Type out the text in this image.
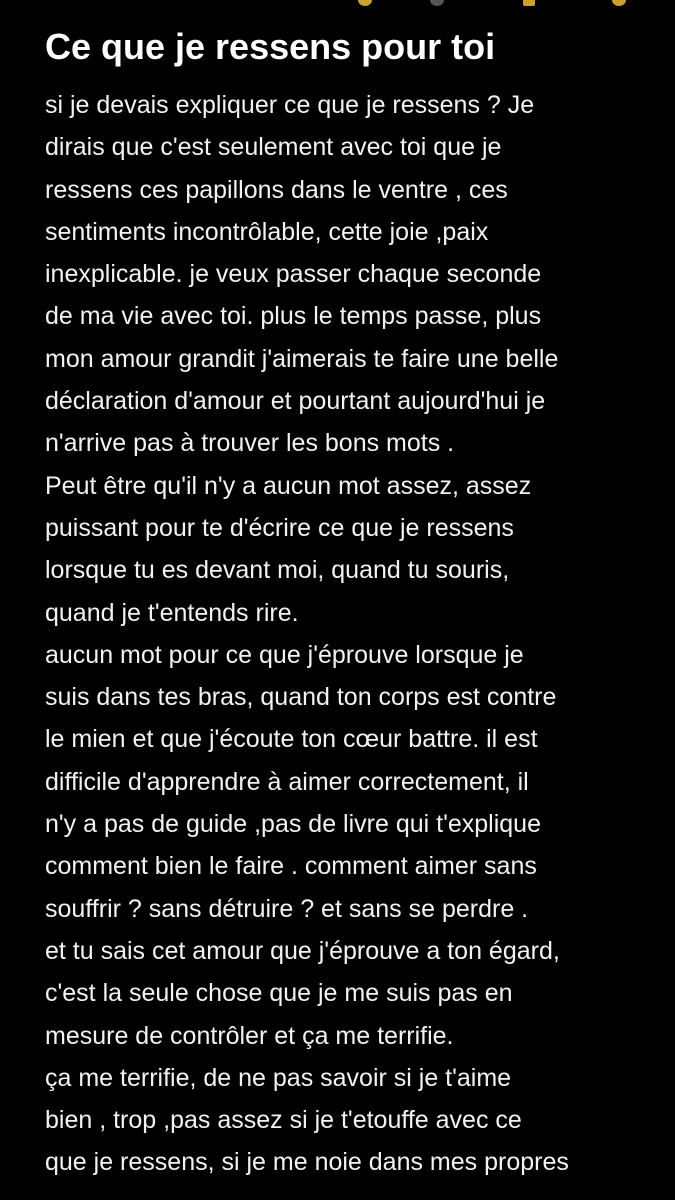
Ce que je ressens pour toi
si je devais expliquer ce que je ressens ? Je
dirais que c'est seulement avec toi que je
ressens ces papillons dans le ventre , ces
sentiments incontrôlable, cette joie ,paix
inexplicable. je veux passer chaque seconde
de ma vie avec toi. plus le temps passe, plus
mon amour grandit j'aimerais te faire une belle
déclaration d'amour et pourtant aujourd'hui je
n'arrive pas à trouver les bons mots .
Peut être qu'il n'y a aucun mot assez, assez
puissant pour te d'écrire ce que je ressens
lorsque tu es devant moi, quand tu souris,
quand je t'entends rire.
aucun mot pour ce que j'éprouve lorsque je
suis dans tes bras, quand ton corps est contre
le mien et que j'écoute ton cœur battre. il est
difficile d'apprendre à aimer correctement, il
n'y a pas de guide ,pas de livre qui t'explique
comment bien le faire . comment aimer sans
souffrir ? sans détruire ? et sans se perdre .
et tu sais cet amour que j'éprouve a ton égard,
c'est la seule chose que je me suis pas en
mesure de contrôler et ça me terrifie.
ça me terrifie, de ne pas savoir si je t'aime
bien , trop ,pas assez si je t'etouffe avec ce
que je ressens, si je me noie dans mes propres
